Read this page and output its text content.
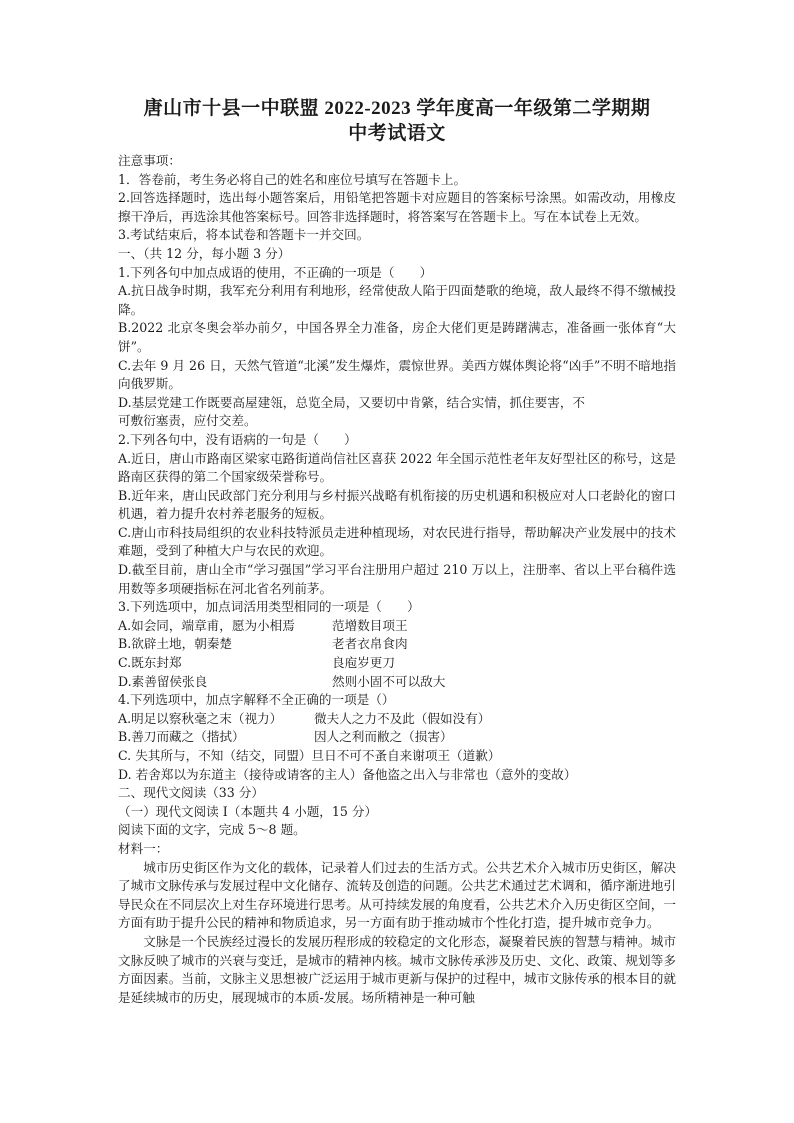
唐山市十县一中联盟 2022-2023 学年度高一年级第二学期期
中考试语文
注意事项：
1．答卷前，考生务必将自己的姓名和座位号填写在答题卡上。
2.回答选择题时，选出每小题答案后，用铅笔把答题卡对应题目的答案标号涂黑。如需改动，用橡皮擦干净后，再选涂其他答案标号。回答非选择题时，将答案写在答题卡上。写在本试卷上无效。
3.考试结束后，将本试卷和答题卡一并交回。
一、（共 12 分，每小题 3 分）
1.下列各句中加点成语的使用，不正确的一项是（　　）
A.抗日战争时期，我军充分利用有利地形，经常使敌人陷于四面楚歌的绝境，敌人最终不得不缴械投降。
B.2022 北京冬奥会举办前夕，中国各界全力准备，房企大佬们更是踌躇满志，准备画一张体育“大饼”。
C.去年 9 月 26 日，天然气管道“北溪”发生爆炸，震惊世界。美西方媒体舆论将“凶手”不明不暗地指向俄罗斯。
D.基层党建工作既要高屋建瓴，总览全局，又要切中肯綮，结合实情，抓住要害，不
可敷衍塞责，应付交差。
2.下列各句中，没有语病的一句是（　　）
A.近日，唐山市路南区梁家屯路街道尚信社区喜获 2022 年全国示范性老年友好型社区的称号，这是路南区获得的第二个国家级荣誉称号。
B.近年来，唐山民政部门充分利用与乡村振兴战略有机衔接的历史机遇和积极应对人口老龄化的窗口机遇，着力提升农村养老服务的短板。
C.唐山市科技局组织的农业科技特派员走进种植现场，对农民进行指导，帮助解决产业发展中的技术难题，受到了种植大户与农民的欢迎。
D.截至目前，唐山全市“学习强国”学习平台注册用户超过 210 万以上，注册率、省以上平台稿件选用数等多项硬指标在河北省名列前茅。
3.下列选项中，加点词活用类型相同的一项是（　　）
A.如会同，端章甫，愿为小相焉	范增数目项王
B.欲辟土地，朝秦楚	老者衣帛食肉
C.既东封郑	良庖岁更刀
D.素善留侯张良	然则小固不可以敌大
4.下列选项中，加点字解释不全正确的一项是（）
A.明足以察秋毫之末（视力）	微夫人之力不及此（假如没有）
B.善刀而藏之（揩拭）	因人之利而敝之（损害）
C. 失其所与，不知（结交，同盟）旦日不可不蚤自来谢项王（道歉）
D. 若舍郑以为东道主（接待或请客的主人）备他盗之出入与非常也（意外的变故）
二、现代文阅读（33 分）
（一）现代文阅读 I（本题共 4 小题，15 分）
阅读下面的文字，完成 5～8 题。
材料一：
城市历史街区作为文化的载体，记录着人们过去的生活方式。公共艺术介入城市历史街区，解决了城市文脉传承与发展过程中文化储存、流转及创造的问题。公共艺术通过艺术调和，循序渐进地引导民众在不同层次上对生存环境进行思考。从可持续发展的角度看，公共艺术介入历史街区空间，一方面有助于提升公民的精神和物质追求，另一方面有助于推动城市个性化打造，提升城市竞争力。
文脉是一个民族经过漫长的发展历程形成的较稳定的文化形态，凝聚着民族的智慧与精神。城市文脉反映了城市的兴衰与变迁，是城市的精神内核。城市文脉传承涉及历史、文化、政策、规划等多方面因素。当前，文脉主义思想被广泛运用于城市更新与保护的过程中，城市文脉传承的根本目的就是延续城市的历史，展现城市的本质-发展。场所精神是一种可触
